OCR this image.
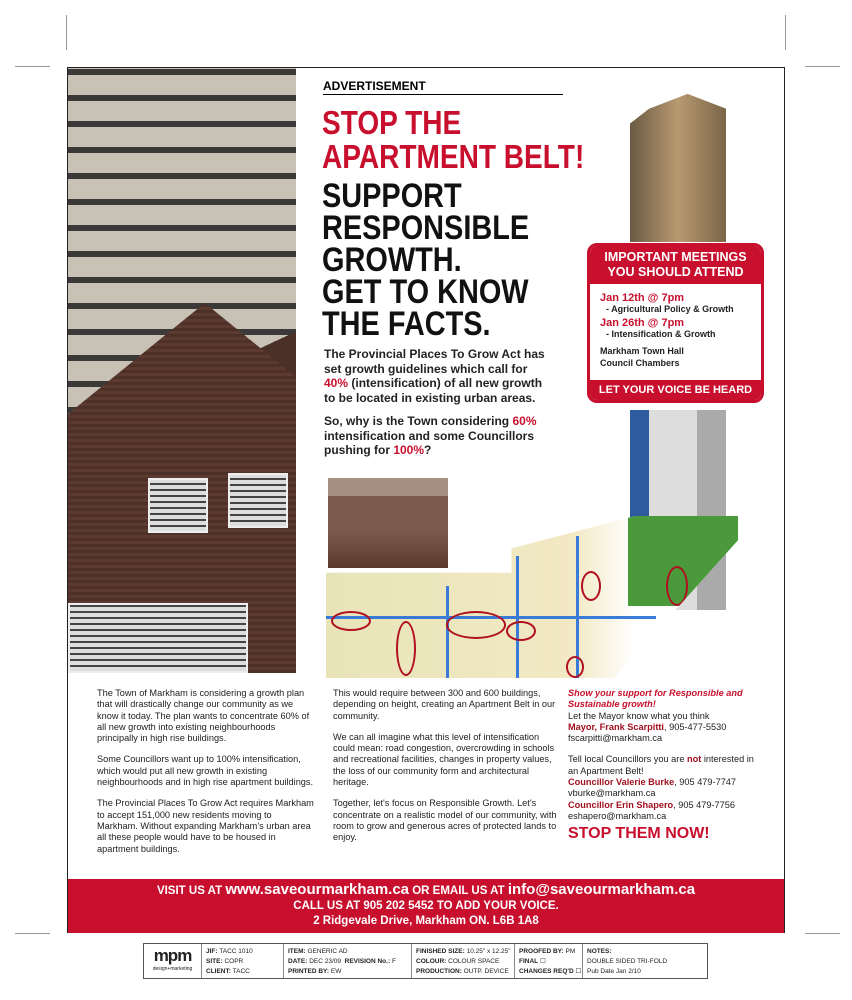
ADVERTISEMENT
STOP THE
APARTMENT BELT!
SUPPORT
RESPONSIBLE
GROWTH.
GET TO KNOW
THE FACTS.

The Provincial Places To Grow Act has set growth guidelines which call for 40% (intensification) of all new growth to be located in existing urban areas.

So, why is the Town considering 60% intensification and some Councillors pushing for 100%?

IMPORTANT MEETINGS
YOU SHOULD ATTEND
Jan 12th @ 7pm
- Agricultural Policy & Growth
Jan 26th @ 7pm
- Intensification & Growth
Markham Town Hall
Council Chambers
LET YOUR VOICE BE HEARD

The Town of Markham is considering a growth plan that will drastically change our community as we know it today. The plan wants to concentrate 60% of all new growth into existing neighbourhoods principally in high rise buildings.

Some Councillors want up to 100% intensification, which would put all new growth in existing neighbourhoods and in high rise apartment buildings.

The Provincial Places To Grow Act requires Markham to accept 151,000 new residents moving to Markham. Without expanding Markham's urban area all these people would have to be housed in apartment buildings.

This would require between 300 and 600 buildings, depending on height, creating an Apartment Belt in our community.

We can all imagine what this level of intensification could mean: road congestion, overcrowding in schools and recreational facilities, changes in property values, the loss of our community form and architectural heritage.

Together, let's focus on Responsible Growth. Let's concentrate on a realistic model of our community, with room to grow and generous acres of protected lands to enjoy.

Show your support for Responsible and Sustainable growth!
Let the Mayor know what you think
Mayor, Frank Scarpitti, 905-477-5530
fscarpitti@markham.ca
Tell local Councillors you are not interested in an Apartment Belt!
Councillor Valerie Burke, 905 479-7747
vburke@markham.ca
Councillor Erin Shapero, 905 479-7756
eshapero@markham.ca
STOP THEM NOW!
VISIT US AT www.saveourmarkham.ca OR EMAIL US AT info@saveourmarkham.ca
CALL US AT 905 202 5452 TO ADD YOUR VOICE.
2 Ridgevale Drive, Markham ON. L6B 1A8
mpm
design+marketing
JIF: TACC 1010
SITE: COPR
CLIENT: TACC
ITEM: GENERIC AD
DATE: DEC 23/09 REVISION No.: F
PRINTED BY: EW
FINISHED SIZE: 10.25" x 12.25"
COLOUR: COLOUR SPACE
PRODUCTION: OUTP. DEVICE
PROOFED BY: PM
FINAL ☐
CHANGES REQ'D ☐
NOTES:
DOUBLE SIDED TRI-FOLD
Pub Date Jan 2/10
